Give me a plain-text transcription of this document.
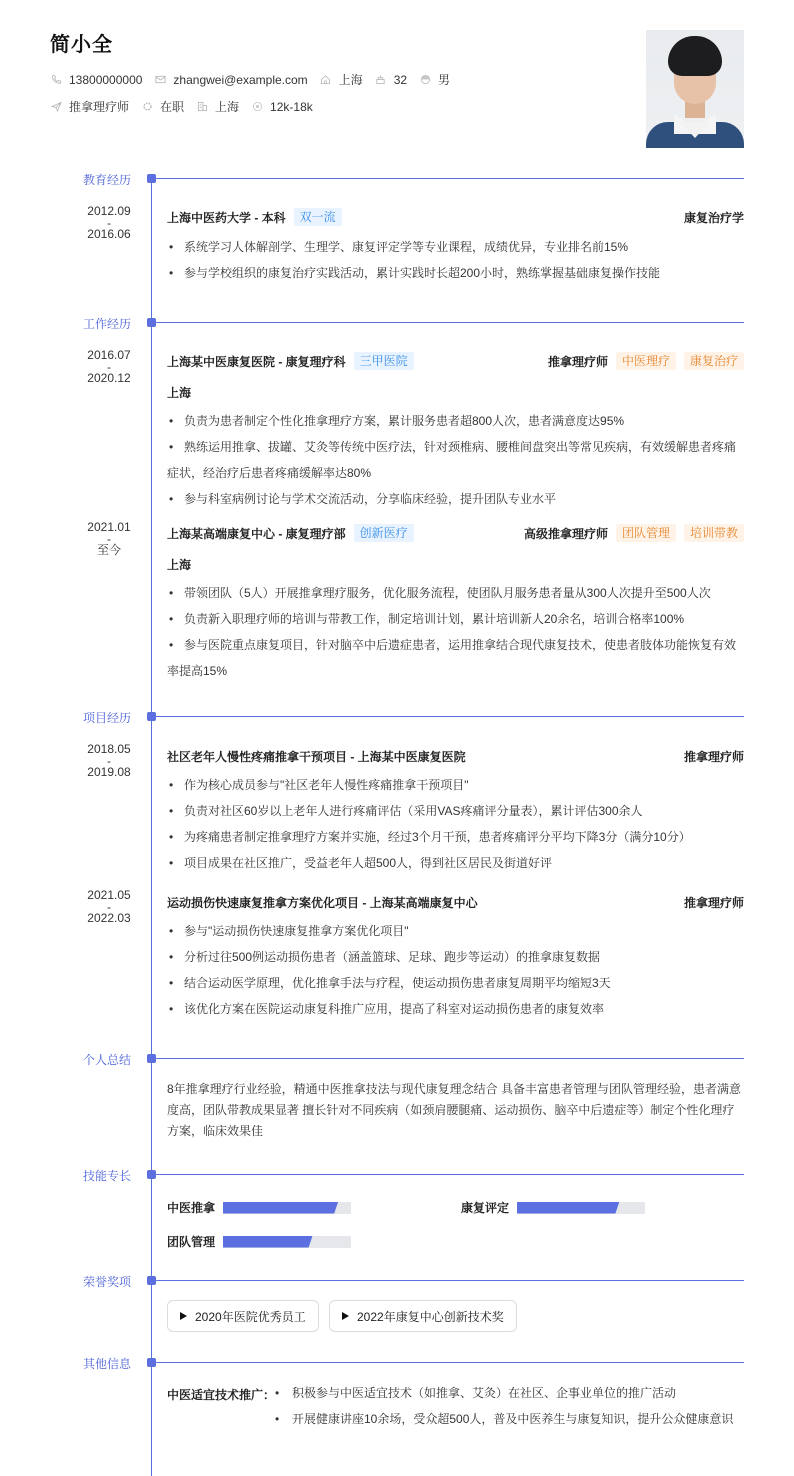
简小全
13800000000	zhangwei@example.com	上海	32	男
推拿理疗师	在职	上海	12k-18k
教育经历
2012.09
-
2016.06
上海中医药大学 - 本科	双一流	康复治疗学
• 系统学习人体解剖学、生理学、康复评定学等专业课程，成绩优异，专业排名前15%
• 参与学校组织的康复治疗实践活动，累计实践时长超200小时，熟练掌握基础康复操作技能
工作经历
2016.07
-
2020.12
上海某中医康复医院 - 康复理疗科	三甲医院	推拿理疗师	中医理疗	康复治疗
上海
• 负责为患者制定个性化推拿理疗方案，累计服务患者超800人次，患者满意度达95%
• 熟练运用推拿、拔罐、艾灸等传统中医疗法，针对颈椎病、腰椎间盘突出等常见疾病，有效缓解患者疼痛症状，经治疗后患者疼痛缓解率达80%
• 参与科室病例讨论与学术交流活动，分享临床经验，提升团队专业水平
2021.01
-
至今
上海某高端康复中心 - 康复理疗部	创新医疗	高级推拿理疗师	团队管理	培训带教
上海
• 带领团队（5人）开展推拿理疗服务，优化服务流程，使团队月服务患者量从300人次提升至500人次
• 负责新入职理疗师的培训与带教工作，制定培训计划，累计培训新人20余名，培训合格率100%
• 参与医院重点康复项目，针对脑卒中后遗症患者，运用推拿结合现代康复技术，使患者肢体功能恢复有效率提高15%
项目经历
2018.05
-
2019.08
社区老年人慢性疼痛推拿干预项目 - 上海某中医康复医院	推拿理疗师
• 作为核心成员参与"社区老年人慢性疼痛推拿干预项目"
• 负责对社区60岁以上老年人进行疼痛评估（采用VAS疼痛评分量表），累计评估300余人
• 为疼痛患者制定推拿理疗方案并实施，经过3个月干预，患者疼痛评分平均下降3分（满分10分）
• 项目成果在社区推广，受益老年人超500人，得到社区居民及街道好评
2021.05
-
2022.03
运动损伤快速康复推拿方案优化项目 - 上海某高端康复中心	推拿理疗师
• 参与"运动损伤快速康复推拿方案优化项目"
• 分析过往500例运动损伤患者（涵盖篮球、足球、跑步等运动）的推拿康复数据
• 结合运动医学原理，优化推拿手法与疗程，使运动损伤患者康复周期平均缩短3天
• 该优化方案在医院运动康复科推广应用，提高了科室对运动损伤患者的康复效率
个人总结
8年推拿理疗行业经验，精通中医推拿技法与现代康复理念结合 具备丰富患者管理与团队管理经验，患者满意度高，团队带教成果显著 擅长针对不同疾病（如颈肩腰腿痛、运动损伤、脑卒中后遗症等）制定个性化理疗方案，临床效果佳
技能专长
中医推拿	康复评定
团队管理
荣誉奖项
2020年医院优秀员工	2022年康复中心创新技术奖
其他信息
中医适宜技术推广：	• 积极参与中医适宜技术（如推拿、艾灸）在社区、企事业单位的推广活动
• 开展健康讲座10余场，受众超500人，普及中医养生与康复知识，提升公众健康意识
